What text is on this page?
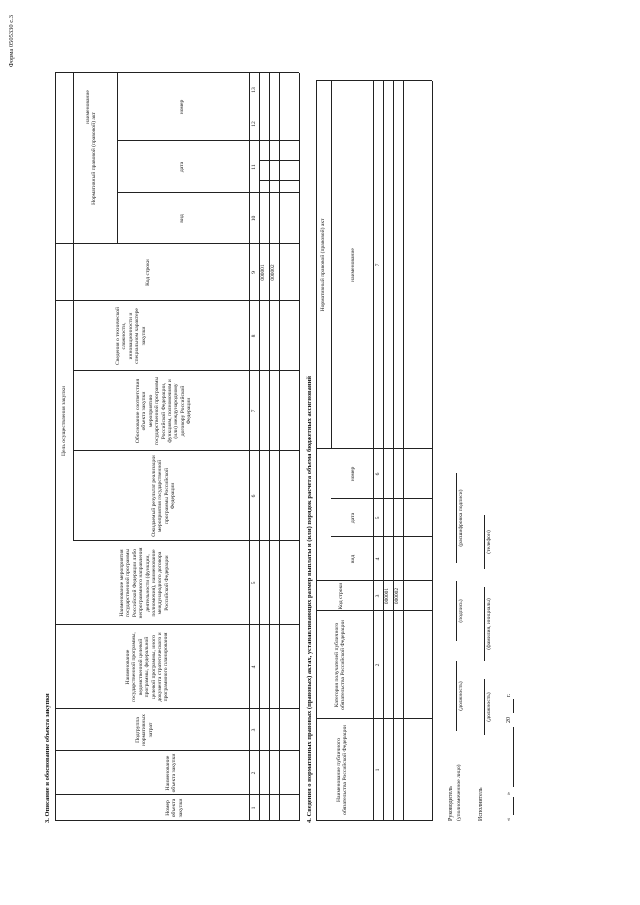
Форма 0505330 с.3
3. Описание и обоснование объекта закупки
Цель осуществления закупки
Нормативный правовой (правовой) акт
Номер объекта закупки
Наименование объекта закупки
Подгруппа нормативных затрат
Наименование государственной программы, ведомственной целевой программы, федеральной целевой программы, иного документа стратегического и программного планирования
Наименование мероприятия государственной программы Российской Федерации либо непрограммного направления деятельности (функции, полномочия), наименование международного договора Российской Федерации
Ожидаемый результат реализации мероприятия государственной программы Российской Федерации
Обоснование соответствия объекта закупки мероприятию государственной программы Российской Федерации, функциям, полномочиям и (или) международному договору Российской Федерации
Сведения о технической сложности, инновационности и специальном характере закупки
Код строки
вид
дата
номер
наименование
1
2
3
4
5
6
7
8
9
10
11
12
13
000001 000002
4. Сведения о нормативных правовых (правовых) актах, устанавливающих размер выплаты и (или) порядок расчета объема бюджетных ассигнований
Нормативный правовой (правовой) акт
Наименование публичного обязательства Российской Федерации
Категория получателей публичного обязательства Российской Федерации
Код строки
вид
дата
номер
наименование
1
2
3
4
5
6
7
000001 000002
Руководитель (уполномоченное лицо)
(должность)
(подпись)
(расшифровка подписи)
Исполнитель
(должность)
(фамилия, инициалы)
(телефон)
«
»
20
г.
